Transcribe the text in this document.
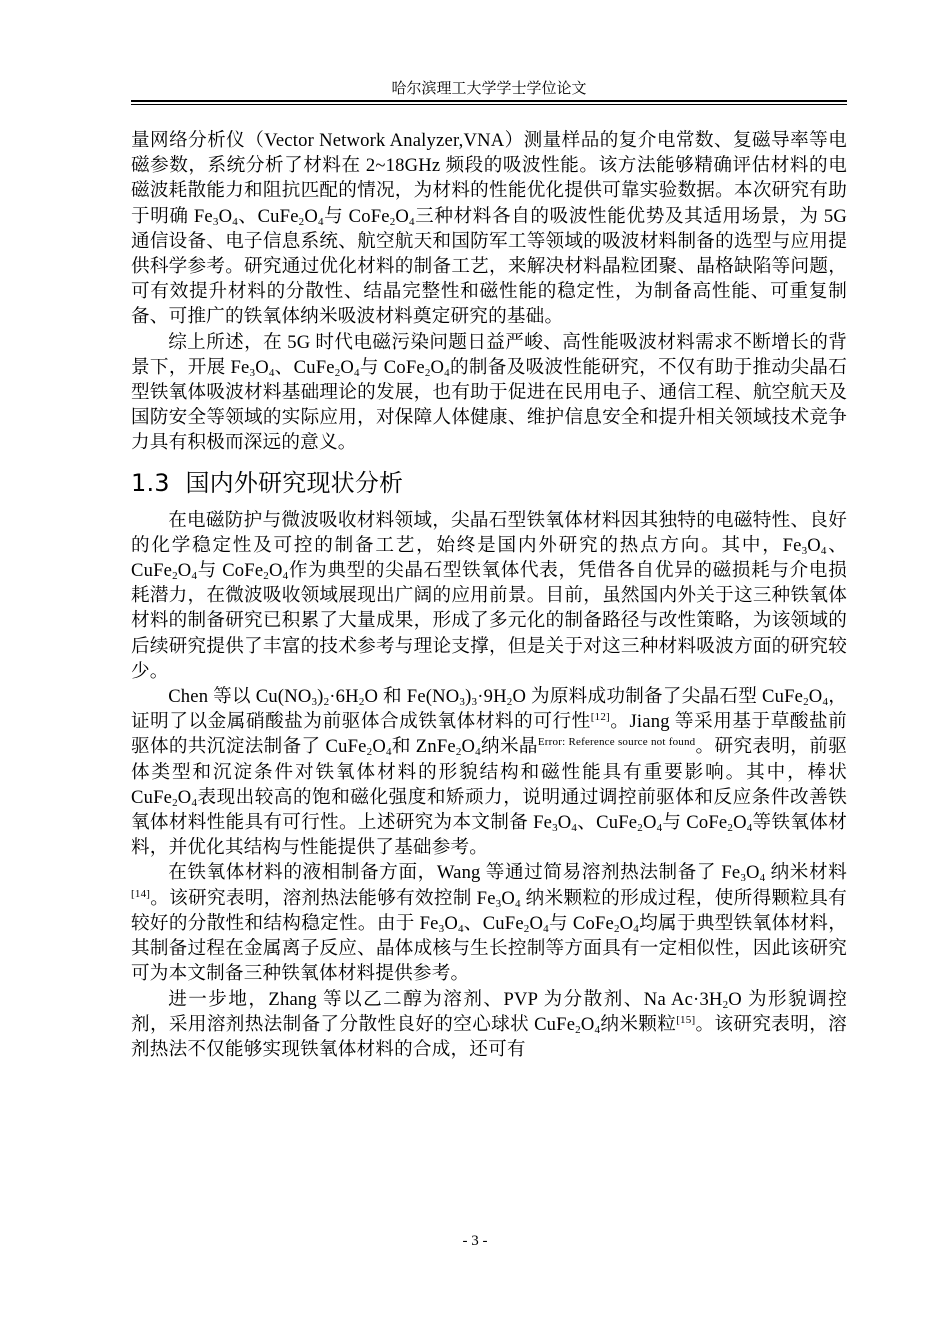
哈尔滨理工大学学士学位论文

量网络分析仪（Vector Network Analyzer,VNA）测量样品的复介电常数、复磁导率等电磁参数，系统分析了材料在 2~18GHz 频段的吸波性能。该方法能够精确评估材料的电磁波耗散能力和阻抗匹配的情况，为材料的性能优化提供可靠实验数据。本次研究有助于明确 $Fe_3O_4$、$CuFe_2O_4$与 $CoFe_2O_4$三种材料各自的吸波性能优势及其适用场景，为 5G 通信设备、电子信息系统、航空航天和国防军工等领域的吸波材料制备的选型与应用提供科学参考。研究通过优化材料的制备工艺，来解决材料晶粒团聚、晶格缺陷等问题，可有效提升材料的分散性、结晶完整性和磁性能的稳定性，为制备高性能、可重复制备、可推广的铁氧体纳米吸波材料奠定研究的基础。

综上所述，在 5G 时代电磁污染问题日益严峻、高性能吸波材料需求不断增长的背景下，开展 $Fe_3O_4$、$CuFe_2O_4$与 $CoFe_2O_4$的制备及吸波性能研究，不仅有助于推动尖晶石型铁氧体吸波材料基础理论的发展，也有助于促进在民用电子、通信工程、航空航天及国防安全等领域的实际应用，对保障人体健康、维护信息安全和提升相关领域技术竞争力具有积极而深远的意义。

1.3 国内外研究现状分析

在电磁防护与微波吸收材料领域，尖晶石型铁氧体材料因其独特的电磁特性、良好的化学稳定性及可控的制备工艺，始终是国内外研究的热点方向。其中，$Fe_3O_4$、$CuFe_2O_4$与 $CoFe_2O_4$作为典型的尖晶石型铁氧体代表，凭借各自优异的磁损耗与介电损耗潜力，在微波吸收领域展现出广阔的应用前景。目前，虽然国内外关于这三种铁氧体材料的制备研究已积累了大量成果，形成了多元化的制备路径与改性策略，为该领域的后续研究提供了丰富的技术参考与理论支撑，但是关于对这三种材料吸波方面的研究较少。

Chen 等以 $Cu(NO_3)_2\cdot 6H_2O$ 和 $Fe(NO_3)_3\cdot 9H_2O$ 为原料成功制备了尖晶石型 $CuFe_2O_4$，证明了以金属硝酸盐为前驱体合成铁氧体材料的可行性[12]。Jiang 等采用基于草酸盐前驱体的共沉淀法制备了 $CuFe_2O_4$和 $ZnFe_2O_4$纳米晶$^{Error: Reference source not found}$。研究表明，前驱体类型和沉淀条件对铁氧体材料的形貌结构和磁性能具有重要影响。其中，棒状 $CuFe_2O_4$表现出较高的饱和磁化强度和矫顽力，说明通过调控前驱体和反应条件改善铁氧体材料性能具有可行性。上述研究为本文制备 $Fe_3O_4$、$CuFe_2O_4$与 $CoFe_2O_4$等铁氧体材料，并优化其结构与性能提供了基础参考。

在铁氧体材料的液相制备方面，Wang 等通过简易溶剂热法制备了 $Fe_3O_4$ 纳米材料[14]。该研究表明，溶剂热法能够有效控制 $Fe_3O_4$ 纳米颗粒的形成过程，使所得颗粒具有较好的分散性和结构稳定性。由于 $Fe_3O_4$、$CuFe_2O_4$与 $CoFe_2O_4$均属于典型铁氧体材料，其制备过程在金属离子反应、晶体成核与生长控制等方面具有一定相似性，因此该研究可为本文制备三种铁氧体材料提供参考。

进一步地，Zhang 等以乙二醇为溶剂、PVP 为分散剂、Na $Ac\cdot 3H_2O$ 为形貌调控剂，采用溶剂热法制备了分散性良好的空心球状 $CuFe_2O_4$纳米颗粒[15]。该研究表明，溶剂热法不仅能够实现铁氧体材料的合成，还可有

- 3 -
